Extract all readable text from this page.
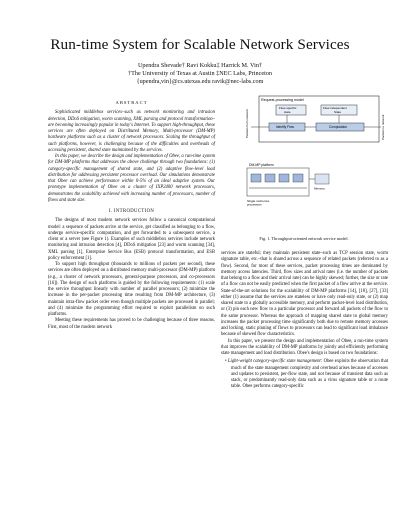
Run-time System for Scalable Network Services
Upendra Shevade† Ravi Kokku‡ Harrick M. Vin†
†The University of Texas at Austin ‡NEC Labs, Princeton
{upendra,vin}@cs.utexas.edu ravik@nec-labs.com
ABSTRACT

Sophisticated middlebox services–such as network monitoring and intrusion detection, DDoS mitigation, worm scanning, XML parsing and protocol transformation–are becoming increasingly popular in today's Internet. To support high-throughput, these services are often deployed on Distributed Memory, Multi-processor (DM-MP) hardware platforms such as a cluster of network processors. Scaling the throughput of such platforms, however, is challenging because of the difficulties and overheads of accessing persistent, shared state maintained by the services.

In this paper, we describe the design and implementation of Obee, a run-time system for DM-MP platforms that addresses the above challenge through two foundations: (1) category-specific management of shared state, and (2) adaptive flow-level load distribution for addressing persistent processor overload. Our simulations demonstrate that Obee can achieve performance within 0-5% of an ideal adaptive system. Our prototype implementation of Obee on a cluster of IXP2400 network processors, demonstrates the scalability achieved with increasing number of processors, number of flows and state size.

I. INTRODUCTION

The designs of most modern network services follow a canonical computational model: a sequence of packets arrive at the service, get classified as belonging to a flow, undergo service-specific computation, and get forwarded to a subsequent service, a client or a server (see Figure 1). Examples of such middlebox services include network monitoring and intrusion detection [4], DDoS mitigation [23] and worm scanning [34], XML parsing [1], Enterprise Service Bus (ESB) protocol transformation, and ESB policy enforcement [1].

To support high throughput (thousands to millions of packets per second), these services are often deployed on a distributed memory multi-processor (DM-MP) platform (e.g., a cluster of network processors, general-purpose processors, and co-processors [16]). The design of such platforms is guided by the following requirements: (1) scale the service throughput linearly with number of parallel processors; (2) minimize the increase in the per-packet processing time resulting from DM-MP architecture, (3) maintain intra-flow packet order even though multiple packets are processed in parallel; and (4) minimize the programming effort required to exploit parallelism on such platforms.

Meeting these requirements has proved to be challenging because of three reasons. First, most of the modern network

Request-processing model
Flow-specific
state
Flow-independent
State
Identify Flow	Computation
Packets from network	Packets to network
DM-MP platform
Single multi-core
processors
Memory
Fig. 1. Throughput-oriented network service model.

services are stateful; they maintain persistent state–such as TCP session state, worm signature table, etc.–that is shared across a sequence of related packets (referred to as a flow). Second, for most of these services, packet processing times are dominated by memory access latencies. Third, flow sizes and arrival rates (i.e. the number of packets that belong to a flow and their arrival rate) can be highly skewed; further, the size or rate of a flow can not be easily predicted when the first packet of a flow arrive at the service. State-of-the-art solutions for the scalability of DM-MP platforms [14], [18], [27], [33] either (1) assume that the services are stateless or have only read-only state, or (2) map shared state to a globally accessible memory, and perform packet-level load distribution, or (3) pin each new flow to a particular processor and forward all packets of the flow to the same processor. Whereas the approach of mapping shared state to global memory increases the packet processing time significantly both due to remote memory accesses and locking, static pinning of flows to processors can lead to significant load imbalance because of skewed flow characteristics.

In this paper, we present the design and implementation of Obee, a run-time system that improves the scalability of DM-MP platforms by jointly and efficiently performing state management and load distribution. Obee's design is based on two foundations:

• Light-weight category-specific state management: Obee exploits the observation that much of the state management complexity and overhead arises because of accesses and updates to persistent, per-flow state, and not because of transient data such as stack, or predominantly read-only data such as a virus signature table or a route table. Obee performs category-specific
